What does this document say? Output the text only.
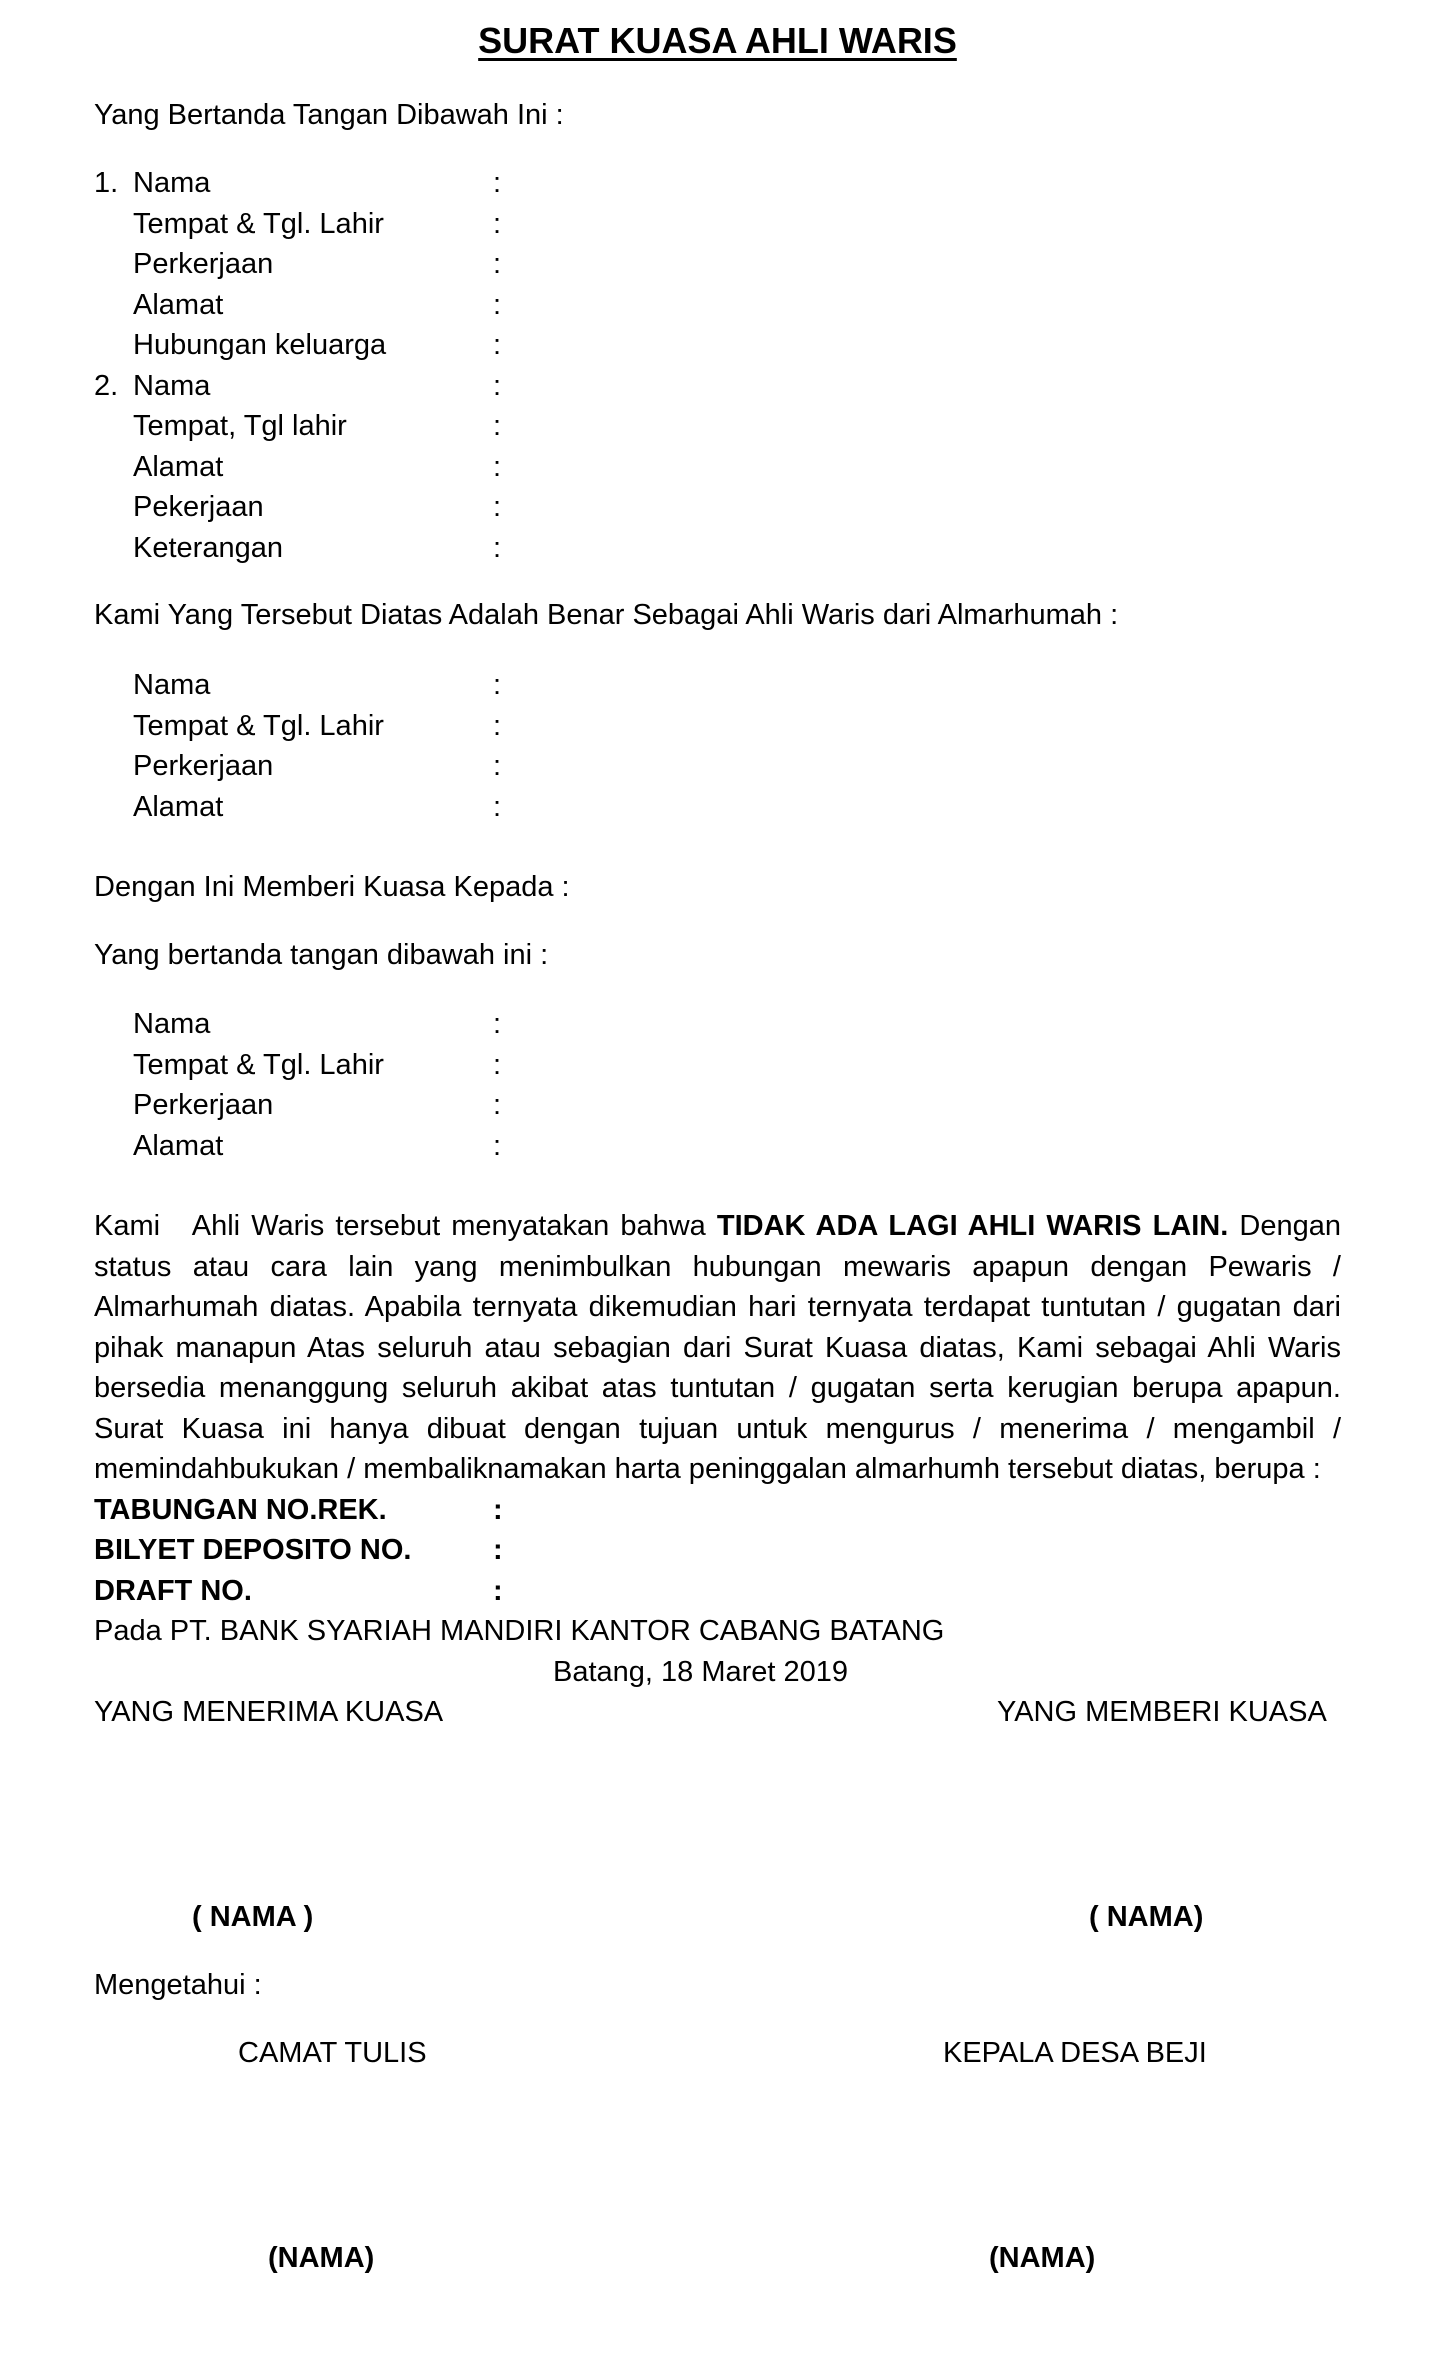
SURAT KUASA AHLI WARIS
Yang Bertanda Tangan Dibawah Ini :
1. Nama	:
Tempat & Tgl. Lahir	:
Perkerjaan	:
Alamat	:
Hubungan keluarga	:
2. Nama	:
Tempat, Tgl lahir	:
Alamat	:
Pekerjaan	:
Keterangan	:
Kami Yang Tersebut Diatas Adalah Benar Sebagai Ahli Waris dari Almarhumah :
Nama	:
Tempat & Tgl. Lahir	:
Perkerjaan	:
Alamat	:
Dengan Ini Memberi Kuasa Kepada :
Yang bertanda tangan dibawah ini :
Nama	:
Tempat & Tgl. Lahir	:
Perkerjaan	:
Alamat	:

Kami   Ahli Waris tersebut menyatakan bahwa TIDAK ADA LAGI AHLI WARIS LAIN. Dengan status atau cara lain yang menimbulkan hubungan mewaris apapun dengan Pewaris / Almarhumah diatas. Apabila ternyata dikemudian hari ternyata terdapat tuntutan / gugatan dari pihak manapun Atas seluruh atau sebagian dari Surat Kuasa diatas, Kami sebagai Ahli Waris bersedia menanggung seluruh akibat atas tuntutan / gugatan serta kerugian berupa apapun. Surat Kuasa ini hanya dibuat dengan tujuan untuk mengurus / menerima / mengambil / memindahbukukan / membaliknamakan harta peninggalan almarhumh tersebut diatas, berupa :

TABUNGAN NO.REK.	:
BILYET DEPOSITO NO.	:
DRAFT NO.	:
Pada PT. BANK SYARIAH MANDIRI KANTOR CABANG BATANG
Batang, 18 Maret 2019
YANG MENERIMA KUASA	YANG MEMBERI KUASA
( NAMA )	( NAMA)
Mengetahui :
CAMAT TULIS	KEPALA DESA BEJI
(NAMA)	(NAMA)
